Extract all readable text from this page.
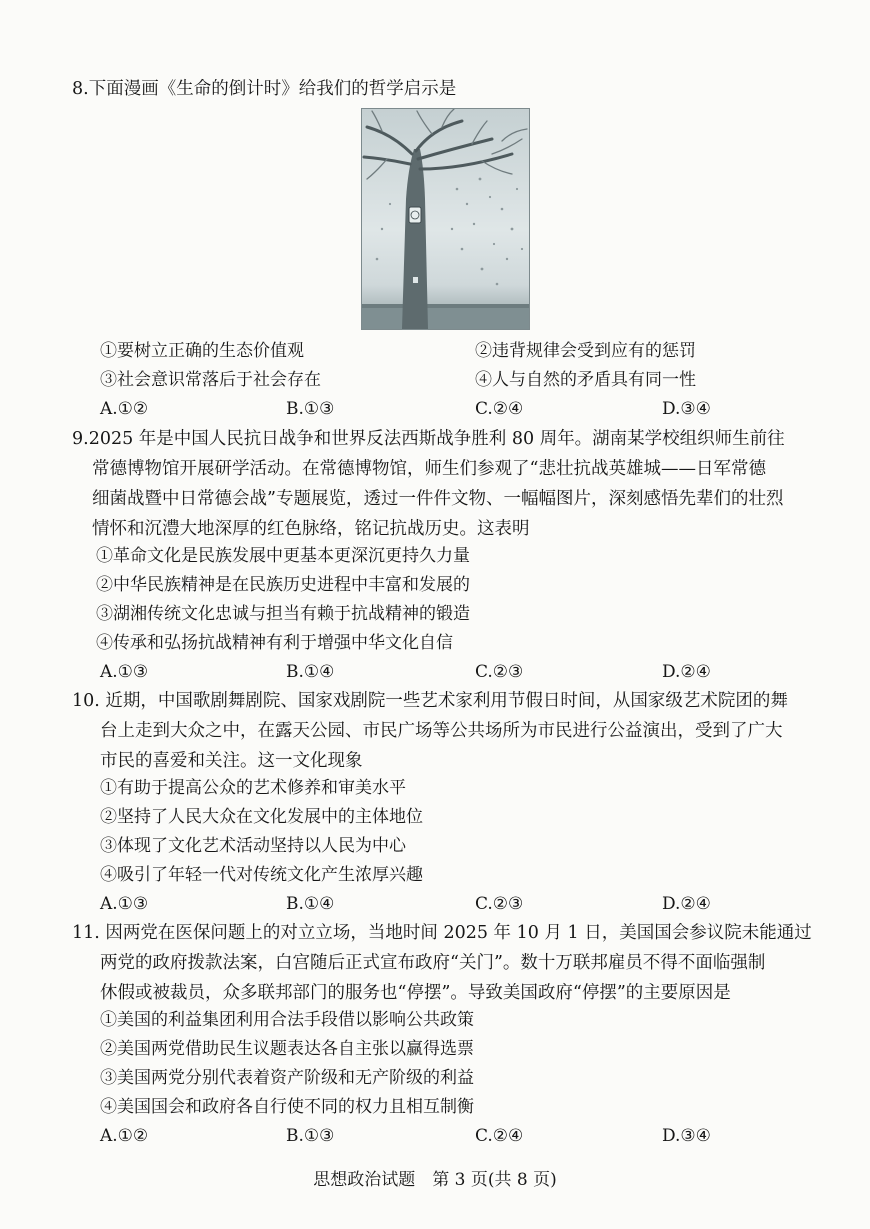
8.下面漫画《生命的倒计时》给我们的哲学启示是
①要树立正确的生态价值观	②违背规律会受到应有的惩罚
③社会意识常落后于社会存在	④人与自然的矛盾具有同一性
A.①②	B.①③	C.②④	D.③④
9.2025 年是中国人民抗日战争和世界反法西斯战争胜利 80 周年。湖南某学校组织师生前往
常德博物馆开展研学活动。在常德博物馆，师生们参观了“悲壮抗战英雄城——日军常德
细菌战暨中日常德会战”专题展览，透过一件件文物、一幅幅图片，深刻感悟先辈们的壮烈
情怀和沉澧大地深厚的红色脉络，铭记抗战历史。这表明
①革命文化是民族发展中更基本更深沉更持久力量
②中华民族精神是在民族历史进程中丰富和发展的
③湖湘传统文化忠诚与担当有赖于抗战精神的锻造
④传承和弘扬抗战精神有利于增强中华文化自信
A.①③	B.①④	C.②③	D.②④
10. 近期，中国歌剧舞剧院、国家戏剧院一些艺术家利用节假日时间，从国家级艺术院团的舞
台上走到大众之中，在露天公园、市民广场等公共场所为市民进行公益演出，受到了广大
市民的喜爱和关注。这一文化现象
①有助于提高公众的艺术修养和审美水平
②坚持了人民大众在文化发展中的主体地位
③体现了文化艺术活动坚持以人民为中心
④吸引了年轻一代对传统文化产生浓厚兴趣
A.①③	B.①④	C.②③	D.②④
11. 因两党在医保问题上的对立立场，当地时间 2025 年 10 月 1 日，美国国会参议院未能通过
两党的政府拨款法案，白宫随后正式宣布政府“关门”。数十万联邦雇员不得不面临强制
休假或被裁员，众多联邦部门的服务也“停摆”。导致美国政府“停摆”的主要原因是
①美国的利益集团利用合法手段借以影响公共政策
②美国两党借助民生议题表达各自主张以赢得选票
③美国两党分别代表着资产阶级和无产阶级的利益
④美国国会和政府各自行使不同的权力且相互制衡
A.①②	B.①③	C.②④	D.③④
思想政治试题　第 3 页(共 8 页)
